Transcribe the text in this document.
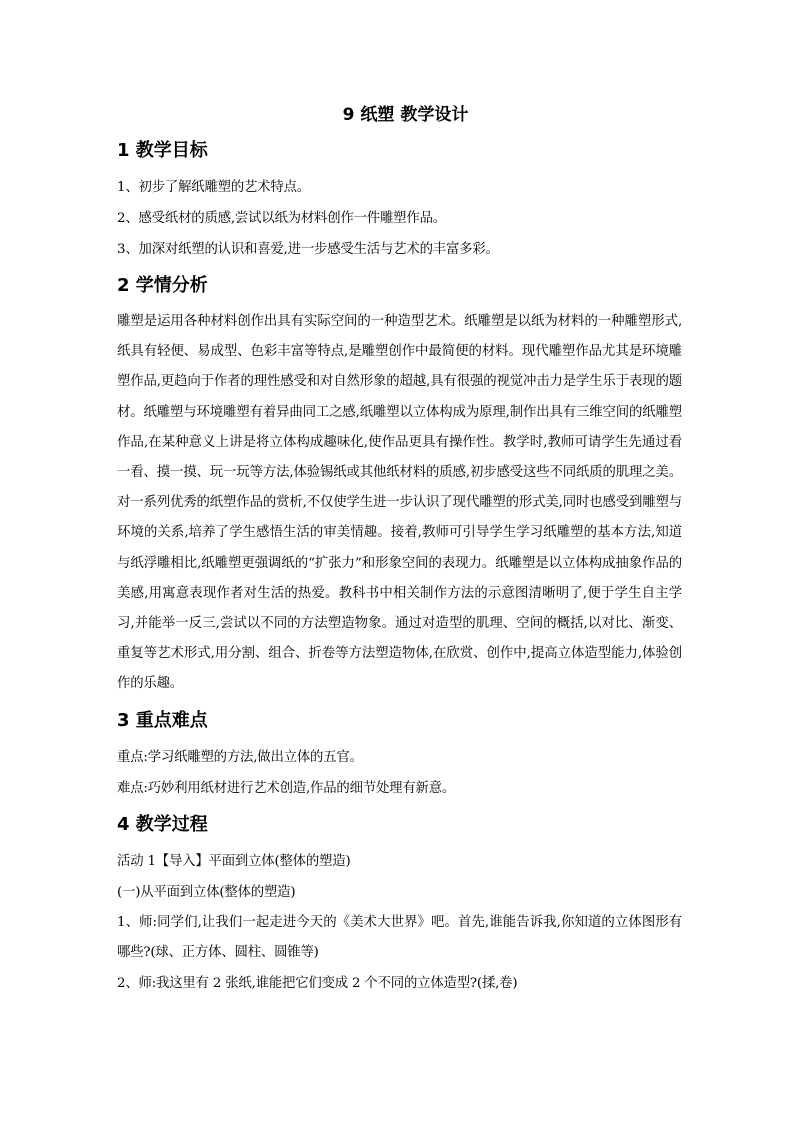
9 纸塑 教学设计
1 教学目标

1、初步了解纸雕塑的艺术特点。

2、感受纸材的质感,尝试以纸为材料创作一件雕塑作品。

3、加深对纸塑的认识和喜爱,进一步感受生活与艺术的丰富多彩。

2 学情分析

雕塑是运用各种材料创作出具有实际空间的一种造型艺术。纸雕塑是以纸为材料的一种雕塑形式,纸具有轻便、易成型、色彩丰富等特点,是雕塑创作中最简便的材料。现代雕塑作品尤其是环境雕塑作品,更趋向于作者的理性感受和对自然形象的超越,具有很强的视觉冲击力是学生乐于表现的题材。纸雕塑与环境雕塑有着异曲同工之感,纸雕塑以立体构成为原理,制作出具有三维空间的纸雕塑作品,在某种意义上讲是将立体构成趣味化,使作品更具有操作性。教学时,教师可请学生先通过看一看、摸一摸、玩一玩等方法,体验锡纸或其他纸材料的质感,初步感受这些不同纸质的肌理之美。对一系列优秀的纸塑作品的赏析,不仅使学生进一步认识了现代雕塑的形式美,同时也感受到雕塑与环境的关系,培养了学生感悟生活的审美情趣。接着,教师可引导学生学习纸雕塑的基本方法,知道与纸浮雕相比,纸雕塑更强调纸的“扩张力”和形象空间的表现力。纸雕塑是以立体构成抽象作品的美感,用寓意表现作者对生活的热爱。教科书中相关制作方法的示意图清晰明了,便于学生自主学习,并能举一反三,尝试以不同的方法塑造物象。通过对造型的肌理、空间的概括,以对比、渐变、重复等艺术形式,用分割、组合、折卷等方法塑造物体,在欣赏、创作中,提高立体造型能力,体验创作的乐趣。

3 重点难点

重点:学习纸雕塑的方法,做出立体的五官。

难点:巧妙利用纸材进行艺术创造,作品的细节处理有新意。

4 教学过程

活动 1【导入】平面到立体(整体的塑造)

(一)从平面到立体(整体的塑造)

1、师:同学们,让我们一起走进今天的《美术大世界》吧。首先,谁能告诉我,你知道的立体图形有哪些?(球、正方体、圆柱、圆锥等)

2、师:我这里有 2 张纸,谁能把它们变成 2 个不同的立体造型?(揉,卷)
